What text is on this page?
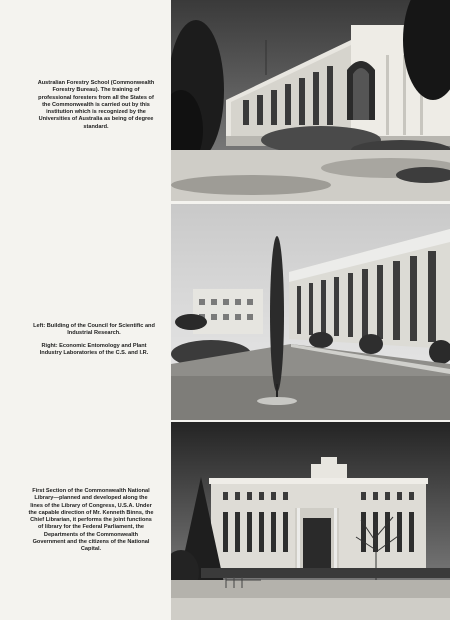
Australian Forestry School (Commonwealth Forestry Bureau). The training of professional foresters from all the States of the Commonwealth is carried out by this institution which is recognized by the Universities of Australia as being of degree standard.

Left: Building of the Council for Scientific and Industrial Research.

Right: Economic Entomology and Plant Industry Laboratories of the C.S. and I.R.

First Section of the Commonwealth National Library—planned and developed along the lines of the Library of Congress, U.S.A. Under the capable direction of Mr. Kenneth Binns, the Chief Librarian, it performs the joint functions of library for the Federal Parliament, the Departments of the Commonwealth Government and the citizens of the National Capital.
